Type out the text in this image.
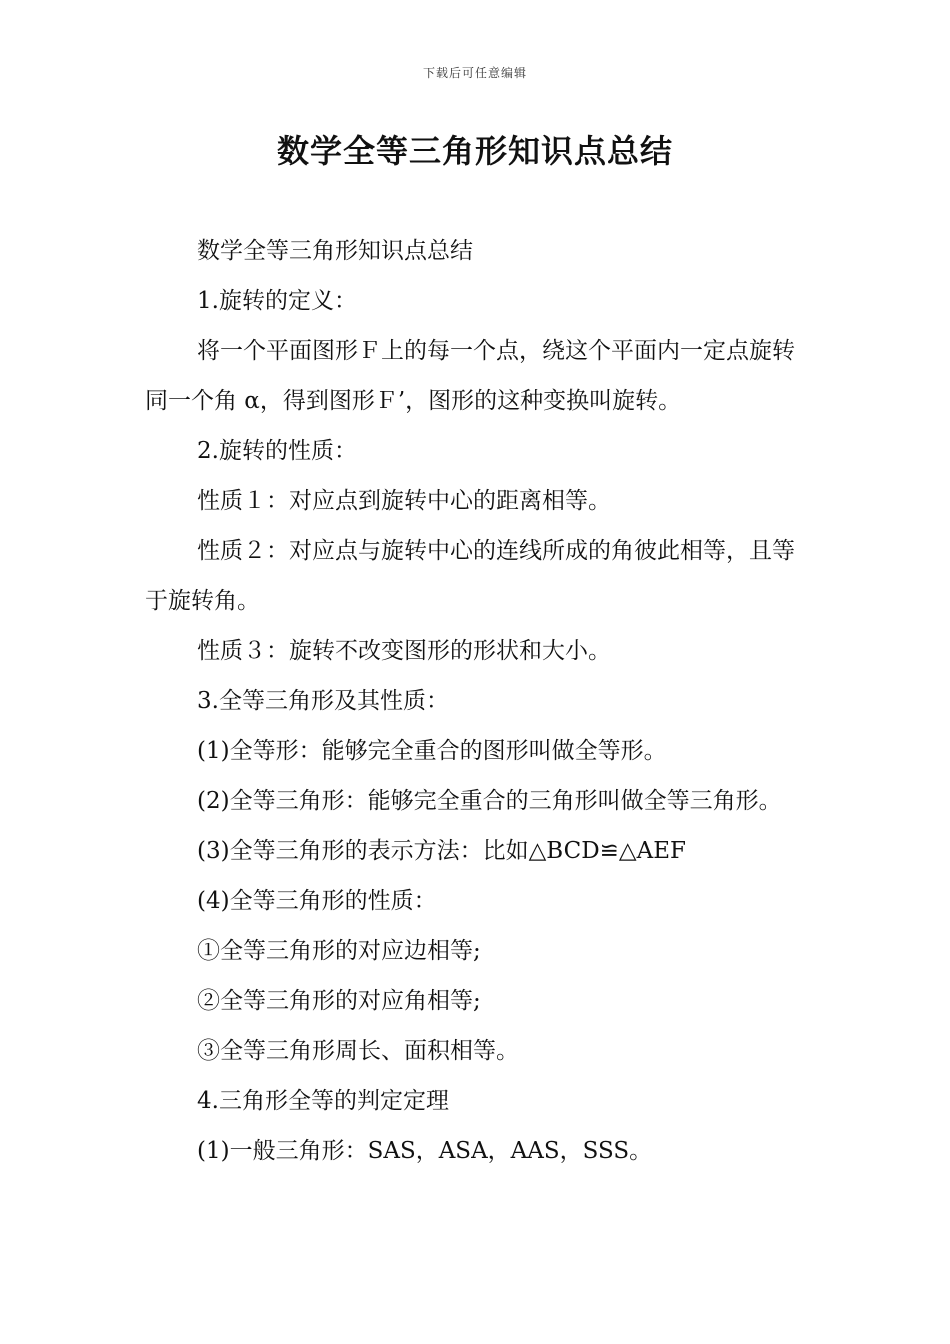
下载后可任意编辑
数学全等三角形知识点总结

数学全等三角形知识点总结

1.旋转的定义：

将一个平面图形Ｆ上的每一个点，绕这个平面内一定点旋转同一个角 α，得到图形Ｆ’，图形的这种变换叫旋转。

2.旋转的性质：

性质１：对应点到旋转中心的距离相等。

性质２：对应点与旋转中心的连线所成的角彼此相等，且等于旋转角。

性质３：旋转不改变图形的形状和大小。

3.全等三角形及其性质：

(1)全等形：能够完全重合的图形叫做全等形。

(2)全等三角形：能够完全重合的三角形叫做全等三角形。

(3)全等三角形的表示方法：比如△BCD≌△AEF

(4)全等三角形的性质：

①全等三角形的对应边相等;

②全等三角形的对应角相等;

③全等三角形周长、面积相等。

4.三角形全等的判定定理

(1)一般三角形：SAS，ASA，AAS，SSS。
